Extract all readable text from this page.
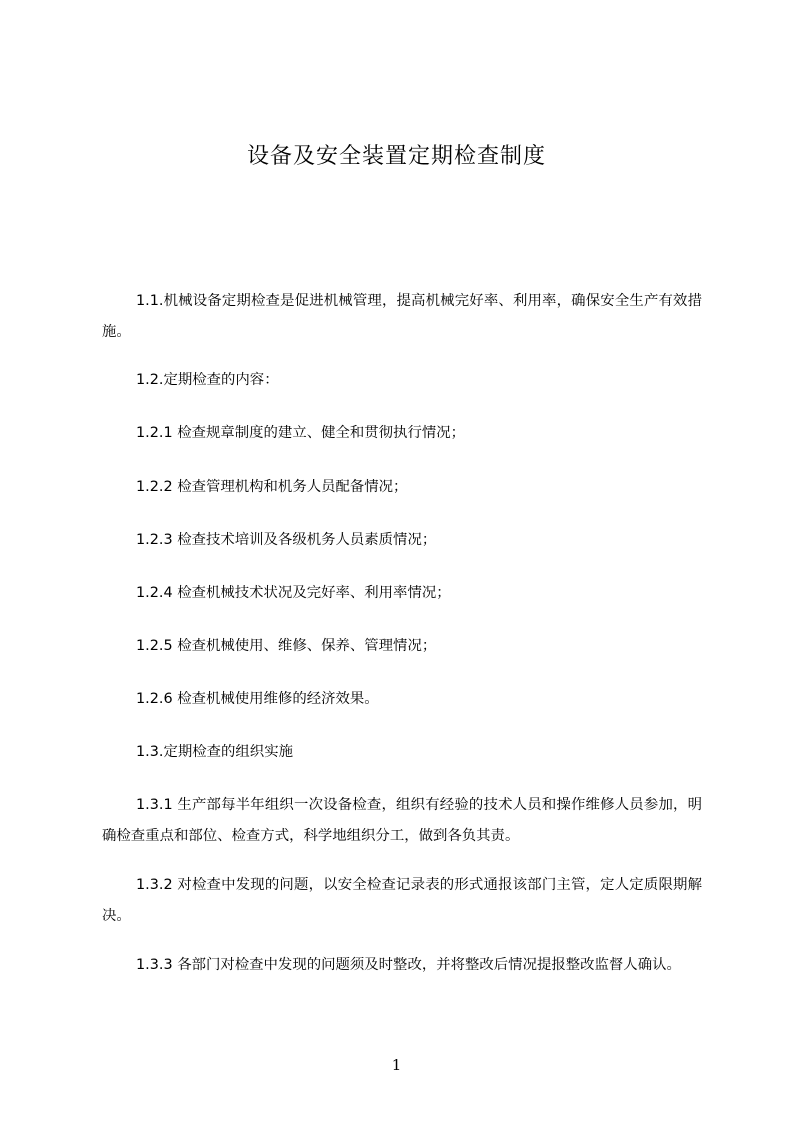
设备及安全装置定期检查制度

1.1.机械设备定期检查是促进机械管理，提高机械完好率、利用率，确保安全生产有效措施。

1.2.定期检查的内容：

1.2.1 检查规章制度的建立、健全和贯彻执行情况；

1.2.2 检查管理机构和机务人员配备情况；

1.2.3 检查技术培训及各级机务人员素质情况；

1.2.4 检查机械技术状况及完好率、利用率情况；

1.2.5 检查机械使用、维修、保养、管理情况；

1.2.6 检查机械使用维修的经济效果。

1.3.定期检查的组织实施

1.3.1 生产部每半年组织一次设备检查，组织有经验的技术人员和操作维修人员参加，明确检查重点和部位、检查方式，科学地组织分工，做到各负其责。

1.3.2 对检查中发现的问题，以安全检查记录表的形式通报该部门主管，定人定质限期解决。

1.3.3 各部门对检查中发现的问题须及时整改，并将整改后情况提报整改监督人确认。

1
